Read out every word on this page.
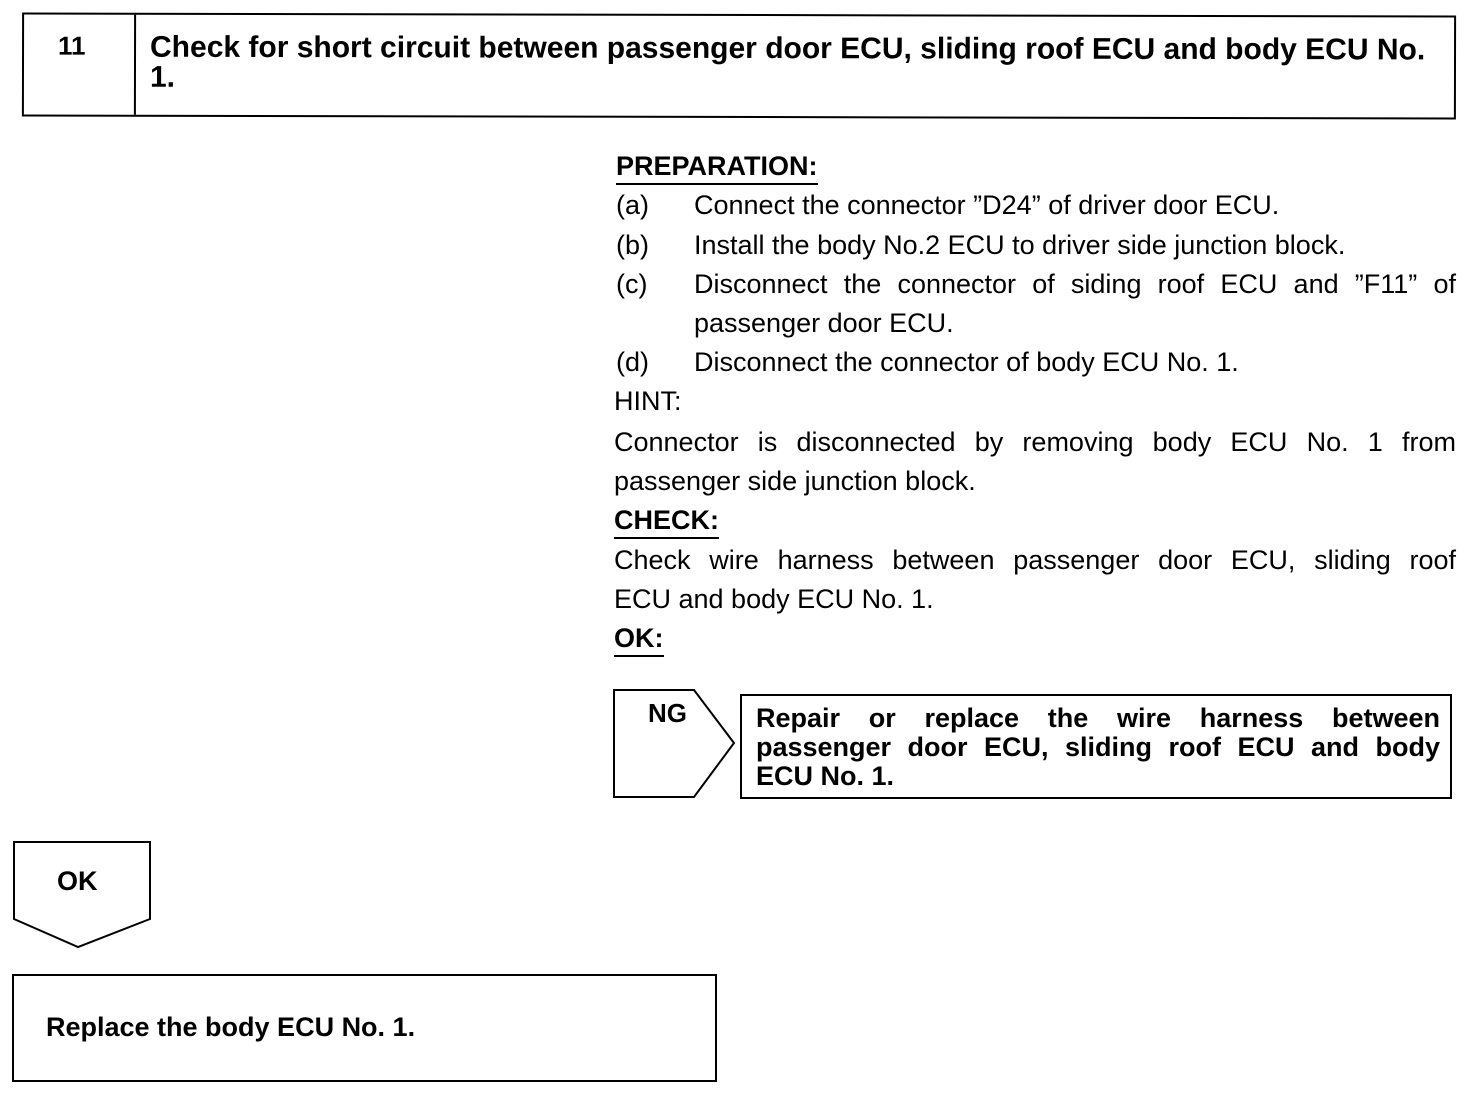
11	Check for short circuit between passenger door ECU, sliding roof ECU and body ECU No. 1.
PREPARATION:
(a) Connect the connector ”D24” of driver door ECU.
(b) Install the body No.2 ECU to driver side junction block.
(c) Disconnect the connector of siding roof ECU and ”F11” of
passenger door ECU.
(d) Disconnect the connector of body ECU No. 1.
HINT:
Connector is disconnected by removing body ECU No. 1 from
passenger side junction block.
CHECK:
Check wire harness between passenger door ECU, sliding roof
ECU and body ECU No. 1.
OK:
NG	Repair or replace the wire harness between passenger door ECU, sliding roof ECU and body ECU No. 1.
OK
Replace the body ECU No. 1.
